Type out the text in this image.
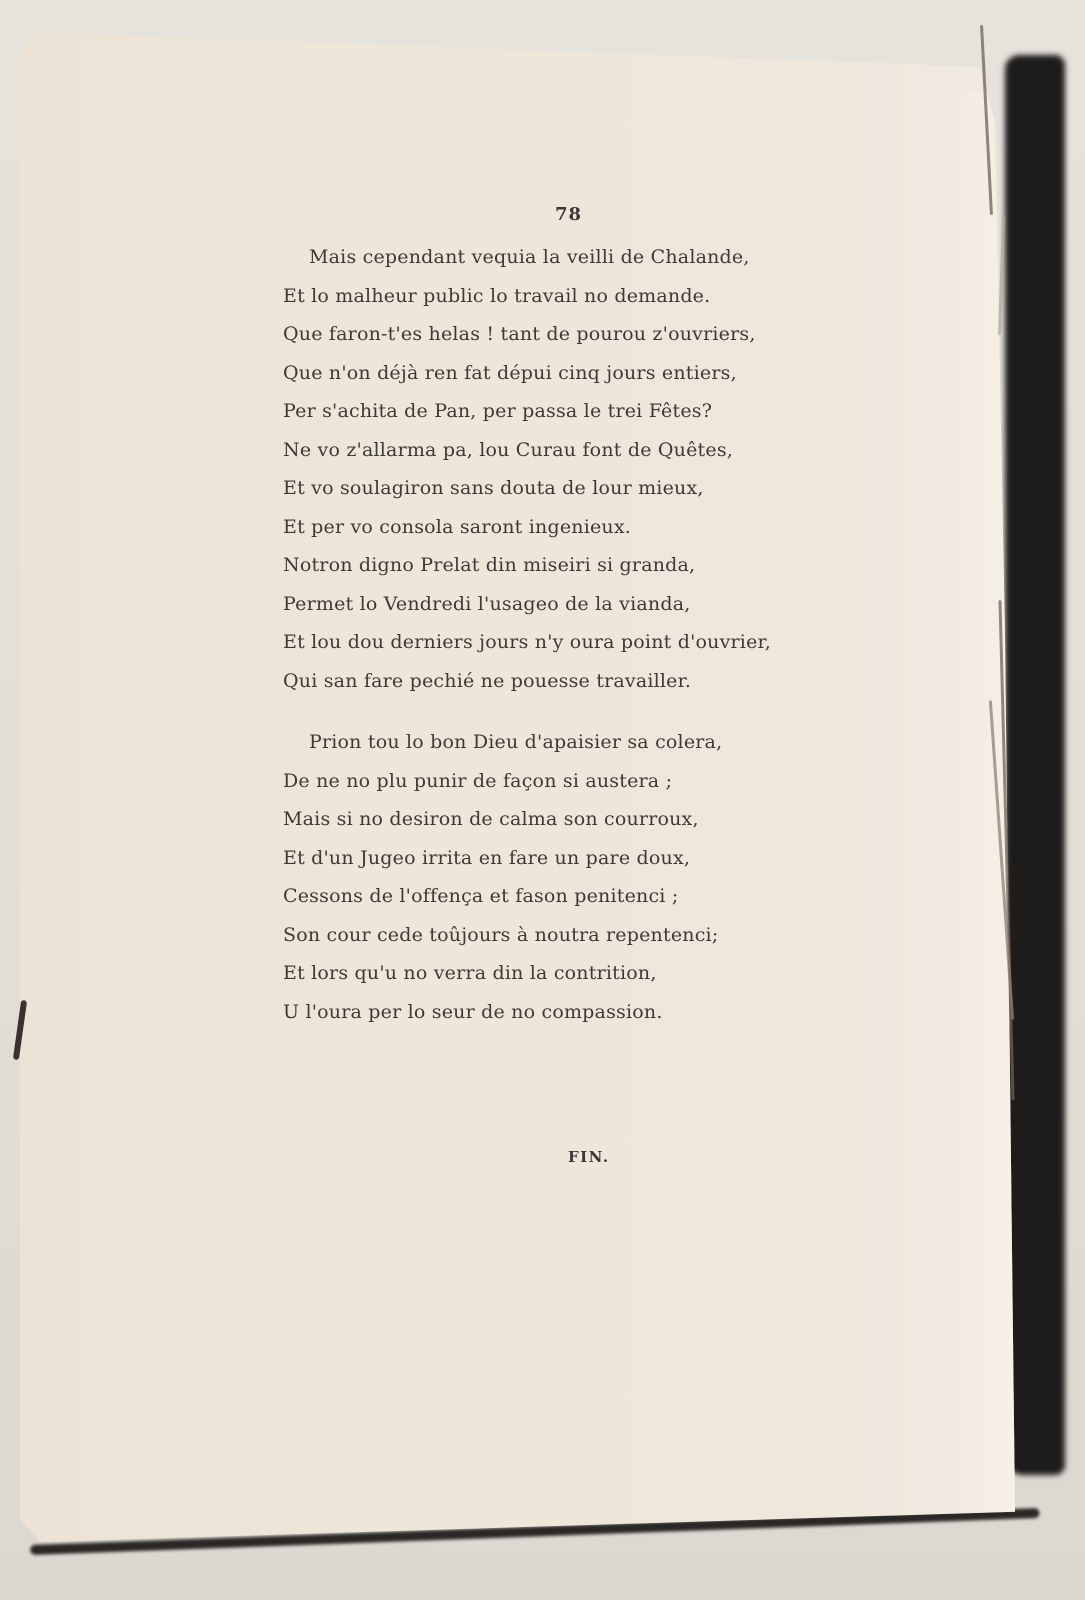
78
Mais cependant vequia la veilli de Chalande,
Et lo malheur public lo travail no demande.
Que faron-t'es helas ! tant de pourou z'ouvriers,
Que n'on déjà ren fat dépui cinq jours entiers,
Per s'achita de Pan, per passa le trei Fêtes?
Ne vo z'allarma pa, lou Curau font de Quêtes,
Et vo soulagiron sans douta de lour mieux,
Et per vo consola saront ingenieux.
Notron digno Prelat din miseiri si granda,
Permet lo Vendredi l'usageo de la vianda,
Et lou dou derniers jours n'y oura point d'ouvrier,
Qui san fare pechié ne pouesse travailler.
Prion tou lo bon Dieu d'apaisier sa colera,
De ne no plu punir de façon si austera ;
Mais si no desiron de calma son courroux,
Et d'un Jugeo irrita en fare un pare doux,
Cessons de l'offença et fason penitenci ;
Son cour cede toûjours à noutra repentenci;
Et lors qu'u no verra din la contrition,
U l'oura per lo seur de no compassion.
FIN.
